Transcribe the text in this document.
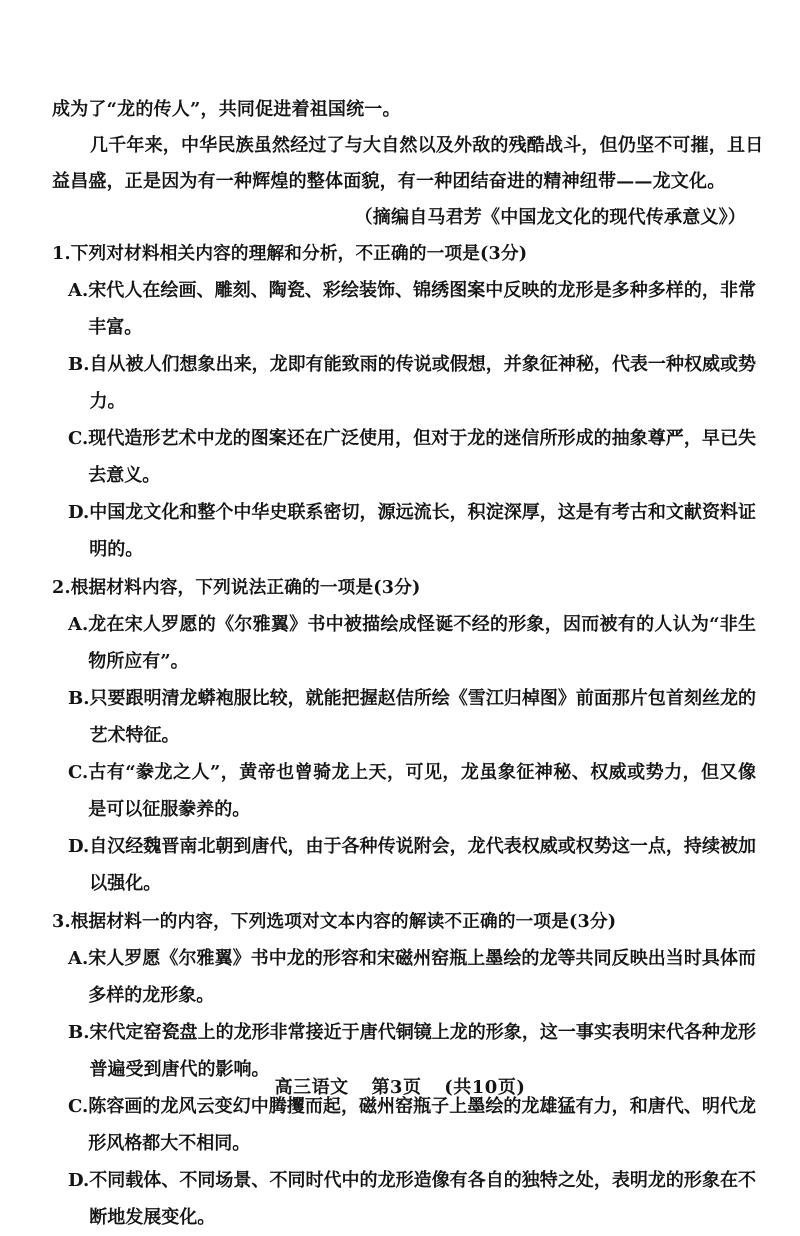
成为了“龙的传人”，共同促进着祖国统一。
几千年来，中华民族虽然经过了与大自然以及外敌的残酷战斗，但仍坚不可摧，且日
益昌盛，正是因为有一种辉煌的整体面貌，有一种团结奋进的精神纽带——龙文化。
（摘编自马君芳《中国龙文化的现代传承意义》）
1.下列对材料相关内容的理解和分析，不正确的一项是(3分)
A. 宋代人在绘画、雕刻、陶瓷、彩绘装饰、锦绣图案中反映的龙形是多种多样的，非常丰富。
B. 自从被人们想象出来，龙即有能致雨的传说或假想，并象征神秘，代表一种权威或势力。
C. 现代造形艺术中龙的图案还在广泛使用，但对于龙的迷信所形成的抽象尊严，早已失去意义。
D. 中国龙文化和整个中华史联系密切，源远流长，积淀深厚，这是有考古和文献资料证明的。
2.根据材料内容，下列说法正确的一项是(3分)
A. 龙在宋人罗愿的《尔雅翼》书中被描绘成怪诞不经的形象，因而被有的人认为“非生物所应有”。
B. 只要跟明清龙蟒袍服比较，就能把握赵佶所绘《雪江归棹图》前面那片包首刻丝龙的艺术特征。
C. 古有“豢龙之人”，黄帝也曾骑龙上天，可见，龙虽象征神秘、权威或势力，但又像是可以征服豢养的。
D. 自汉经魏晋南北朝到唐代，由于各种传说附会，龙代表权威或权势这一点，持续被加以强化。
3.根据材料一的内容，下列选项对文本内容的解读不正确的一项是(3分)
A. 宋人罗愿《尔雅翼》书中龙的形容和宋磁州窑瓶上墨绘的龙等共同反映出当时具体而多样的龙形象。
B. 宋代定窑瓷盘上的龙形非常接近于唐代铜镜上龙的形象，这一事实表明宋代各种龙形普遍受到唐代的影响。
C. 陈容画的龙风云变幻中腾攫而起，磁州窑瓶子上墨绘的龙雄猛有力，和唐代、明代龙形风格都大不相同。
D. 不同载体、不同场景、不同时代中的龙形造像有各自的独特之处，表明龙的形象在不断地发展变化。
高三语文 第3页 (共10页)
